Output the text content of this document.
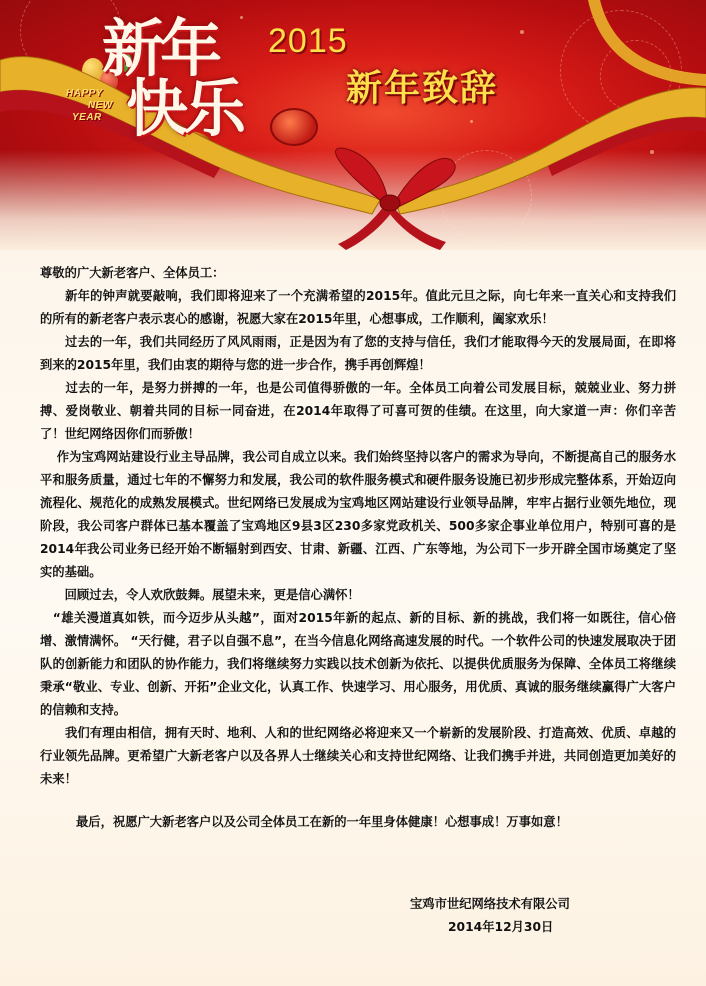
新年
快乐
HAPPY
NEW
YEAR
2015
新年致辞

尊敬的广大新老客户、全体员工：

　　新年的钟声就要敲响，我们即将迎来了一个充满希望的2015年。值此元旦之际，向七年来一直关心和支持我们的所有的新老客户表示衷心的感谢，祝愿大家在2015年里，心想事成，工作顺利，阖家欢乐！

　　过去的一年，我们共同经历了风风雨雨，正是因为有了您的支持与信任，我们才能取得今天的发展局面，在即将到来的2015年里，我们由衷的期待与您的进一步合作，携手再创辉煌！

　　过去的一年，是努力拼搏的一年，也是公司值得骄傲的一年。全体员工向着公司发展目标，兢兢业业、努力拼搏、爱岗敬业、朝着共同的目标一同奋进，在2014年取得了可喜可贺的佳绩。在这里，向大家道一声：你们辛苦了！世纪网络因你们而骄傲！

　 作为宝鸡网站建设行业主导品牌，我公司自成立以来。我们始终坚持以客户的需求为导向，不断提高自己的服务水平和服务质量，通过七年的不懈努力和发展，我公司的软件服务模式和硬件服务设施已初步形成完整体系，开始迈向流程化、规范化的成熟发展模式。世纪网络已发展成为宝鸡地区网站建设行业领导品牌，牢牢占据行业领先地位，现阶段，我公司客户群体已基本覆盖了宝鸡地区9县3区230多家党政机关、500多家企事业单位用户，特别可喜的是2014年我公司业务已经开始不断辐射到西安、甘肃、新疆、江西、广东等地，为公司下一步开辟全国市场奠定了坚实的基础。

　　回顾过去，令人欢欣鼓舞。展望未来，更是信心满怀！

　“雄关漫道真如铁，而今迈步从头越”，面对2015年新的起点、新的目标、新的挑战，我们将一如既往，信心倍增、激情满怀。 “天行健，君子以自强不息”，在当今信息化网络高速发展的时代。一个软件公司的快速发展取决于团队的创新能力和团队的协作能力，我们将继续努力实践以技术创新为依托、以提供优质服务为保障、全体员工将继续秉承“敬业、专业、创新、开拓”企业文化，认真工作、快速学习、用心服务，用优质、真诚的服务继续赢得广大客户的信赖和支持。

　　我们有理由相信，拥有天时、地利、人和的世纪网络必将迎来又一个崭新的发展阶段、打造高效、优质、卓越的行业领先品牌。更希望广大新老客户以及各界人士继续关心和支持世纪网络、让我们携手并进，共同创造更加美好的未来！

最后，祝愿广大新老客户以及公司全体员工在新的一年里身体健康！心想事成！万事如意！

宝鸡市世纪网络技术有限公司
2014年12月30日
